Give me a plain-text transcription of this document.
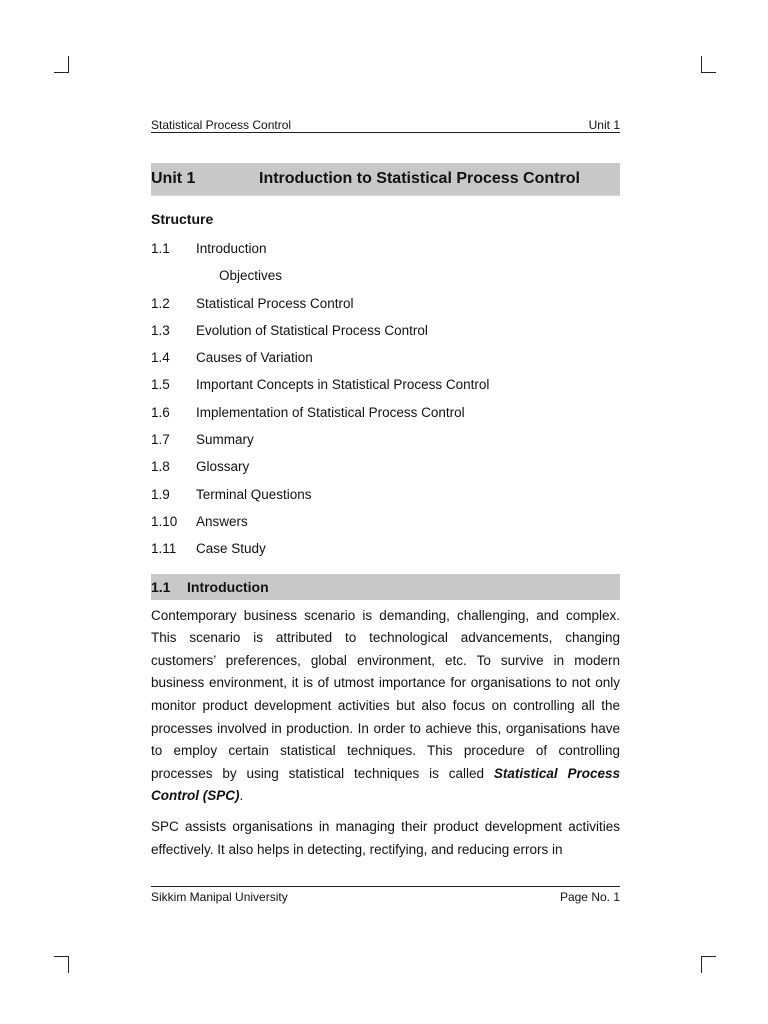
Statistical Process Control	Unit 1
Unit 1	Introduction to Statistical Process Control
Structure
1.1	Introduction
Objectives
1.2	Statistical Process Control
1.3	Evolution of Statistical Process Control
1.4	Causes of Variation
1.5	Important Concepts in Statistical Process Control
1.6	Implementation of Statistical Process Control
1.7	Summary
1.8	Glossary
1.9	Terminal Questions
1.10	Answers
1.11	Case Study
1.1	Introduction

Contemporary business scenario is demanding, challenging, and complex. This scenario is attributed to technological advancements, changing customers’ preferences, global environment, etc. To survive in modern business environment, it is of utmost importance for organisations to not only monitor product development activities but also focus on controlling all the processes involved in production. In order to achieve this, organisations have to employ certain statistical techniques. This procedure of controlling processes by using statistical techniques is called Statistical Process Control (SPC).

SPC assists organisations in managing their product development activities effectively. It also helps in detecting, rectifying, and reducing errors in

Sikkim Manipal University	Page No. 1
